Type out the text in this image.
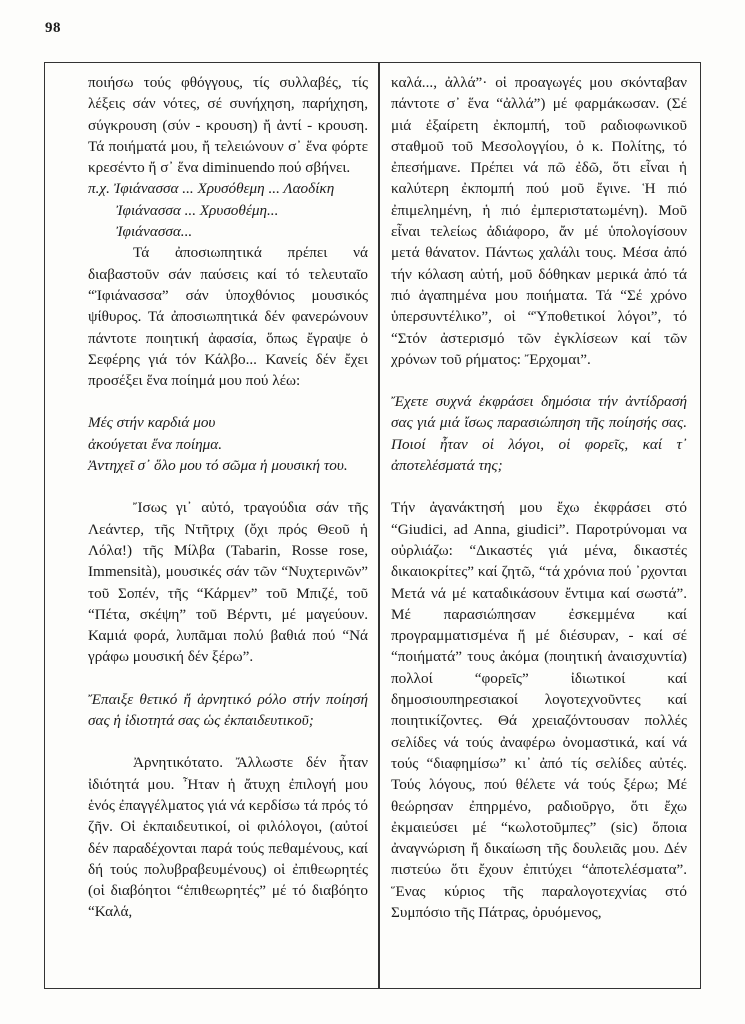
98

ποιήσω τούς φθόγγους, τίς συλλαβές, τίς λέξεις σάν νότες, σέ συνήχηση, παρήχηση, σύγκρουση (σύν - κρουση) ἤ ἀντί - κρουση. Τά ποιήματά μου, ἤ τελειώνουν σ᾿ ἕνα φόρτε κρεσέντο ἤ σ᾿ ἕνα diminuendo πού σβήνει.

π.χ. Ἰφιάνασσα ... Χρυσόθεμη ... Λαοδίκη
Ἰφιάνασσα ... Χρυσοθέμη...
Ἰφιάνασσα...

Τά ἀποσιωπητικά πρέπει νά διαβαστοῦν σάν παύσεις καί τό τελευταῖο “Ἰφιάνασσα” σάν ὑποχθόνιος μουσικός ψίθυρος. Τά ἀποσιωπητικά δέν φανερώνουν πάντοτε ποιητική ἀφασία, ὅπως ἔγραψε ὁ Σεφέρης γιά τόν Κάλβο... Κανείς δέν ἔχει προσέξει ἕνα ποίημά μου πού λέω:

Μές στήν καρδιά μου

ἀκούγεται ἕνα ποίημα.

Ἀντηχεῖ σ᾿ ὅλο μου τό σῶμα ἡ μουσική του.

Ἴσως γι᾿ αὐτό, τραγούδια σάν τῆς Λεάντερ, τῆς Ντῆτριχ (ὄχι πρός Θεοῦ ἡ Λόλα!) τῆς Μίλβα (Tabarin, Rosse rose, Immensità), μουσικές σάν τῶν “Νυχτερινῶν” τοῦ Σοπέν, τῆς “Κάρμεν” τοῦ Μπιζέ, τοῦ “Πέτα, σκέψη” τοῦ Βέρντι, μέ μαγεύουν. Καμιά φορά, λυπᾶμαι πολύ βαθιά πού “Νά γράφω μουσική δέν ξέρω”.

Ἔπαιξε θετικό ἤ ἀρνητικό ρόλο στήν ποίησή σας ἡ ἰδιοτητά σας ὡς ἐκπαιδευτικοῦ;

Ἀρνητικότατο. Ἄλλωστε δέν ἦταν ἰδιότητά μου. Ἦταν ἡ ἄτυχη ἐπιλογή μου ἑνός ἐπαγγέλματος γιά νά κερδίσω τά πρός τό ζῆν. Οἱ ἐκπαιδευτικοί, οἱ φιλόλογοι, (αὐτοί δέν παραδέχονται παρά τούς πεθαμένους, καί δή τούς πολυβραβευμένους) οἱ ἐπιθεωρητές (οἱ διαβόητοι “ἐπιθεωρητές” μέ τό διαβόητο “Καλά,

καλά..., ἀλλά”· οἱ προαγωγές μου σκόνταβαν πάντοτε σ᾿ ἕνα “ἀλλά”) μέ φαρμάκωσαν. (Σέ μιά ἐξαίρετη ἐκπομπή, τοῦ ραδιοφωνικοῦ σταθμοῦ τοῦ Μεσολογγίου, ὁ κ. Πολίτης, τό ἐπεσήμανε. Πρέπει νά πῶ ἐδῶ, ὅτι εἶναι ἡ καλύτερη ἐκπομπή πού μοῦ ἔγινε. Ἡ πιό ἐπιμελημένη, ἡ πιό ἐμπεριστατωμένη). Μοῦ εἶναι τελείως ἀδιάφορο, ἄν μέ ὑπολογίσουν μετά θάνατον. Πάντως χαλάλι τους. Μέσα ἀπό τήν κόλαση αὐτή, μοῦ δόθηκαν μερικά ἀπό τά πιό ἀγαπημένα μου ποιήματα. Τά “Σέ χρόνο ὑπερσυντέλικο”, οἱ “Ὑποθετικοί λόγοι”, τό “Στόν ἀστερισμό τῶν ἐγκλίσεων καί τῶν χρόνων τοῦ ρήματος: Ἔρχομαι”.

Ἔχετε συχνά ἐκφράσει δημόσια τήν ἀντίδρασή σας γιά μιά ἴσως παρασιώπηση τῆς ποίησής σας. Ποιοί ἦταν οἱ λόγοι, οἱ φορεῖς, καί τ᾿ ἀποτελέσματά της;

Τήν ἀγανάκτησή μου ἔχω ἐκφράσει στό “Giudici, ad Anna, giudici”. Παροτρύνομαι να οὐρλιάζω: “Δικαστές γιά μένα, δικαστές δικαιοκρίτες” καί ζητῶ, “τά χρόνια πού ᾿ρχονται Μετά νά μέ καταδικάσουν ἔντιμα καί σωστά”. Μέ παρασιώπησαν ἐσκεμμένα καί προγραμματισμένα ἤ μέ διέσυραν, - καί σέ “ποιήματά” τους ἀκόμα (ποιητική ἀναισχυντία) πολλοί “φορεῖς” ἰδιωτικοί καί δημοσιουπηρεσιακοί λογοτεχνοῦντες καί ποιητικίζοντες. Θά χρειαζόντουσαν πολλές σελίδες νά τούς ἀναφέρω ὀνομαστικά, καί νά τούς “διαφημίσω” κι᾿ ἀπό τίς σελίδες αὐτές. Τούς λόγους, πού θέλετε νά τούς ξέρω; Μέ θεώρησαν ἐπηρμένο, ραδιοῦργο, ὅτι ἔχω ἐκμαιεύσει μέ “κωλοτοῦμπες” (sic) ὅποια ἀναγνώριση ἤ δικαίωση τῆς δουλειᾶς μου. Δέν πιστεύω ὅτι ἔχουν ἐπιτύχει “ἀποτελέσματα”. Ἕνας κύριος τῆς παραλογοτεχνίας στό Συμπόσιο τῆς Πάτρας, ὀρυόμενος,
